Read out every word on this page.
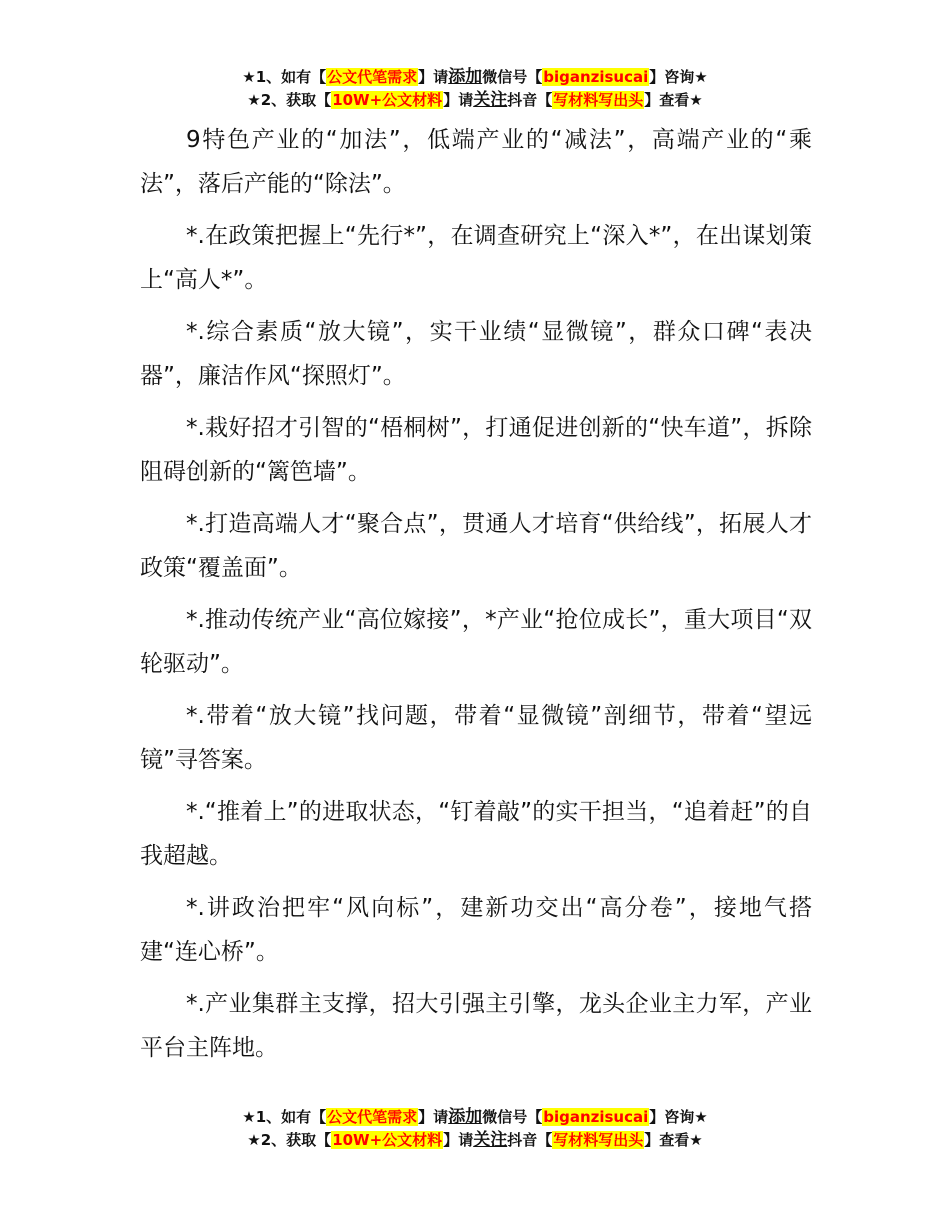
★1、如有【公文代笔需求】请添加微信号【biganzisucai】咨询★
★2、获取【10W+公文材料】请关注抖音【写材料写出头】查看★

9特色产业的“加法”，低端产业的“减法”，高端产业的“乘法”，落后产能的“除法”。

*.在政策把握上“先行*”，在调查研究上“深入*”，在出谋划策上“高人*”。

*.综合素质“放大镜”，实干业绩“显微镜”，群众口碑“表决器”，廉洁作风“探照灯”。

*.栽好招才引智的“梧桐树”，打通促进创新的“快车道”，拆除阻碍创新的“篱笆墙”。

*.打造高端人才“聚合点”，贯通人才培育“供给线”，拓展人才政策“覆盖面”。

*.推动传统产业“高位嫁接”，*产业“抢位成长”，重大项目“双轮驱动”。

*.带着“放大镜”找问题，带着“显微镜”剖细节，带着“望远镜”寻答案。

*.“推着上”的进取状态，“钉着敲”的实干担当，“追着赶”的自我超越。

*.讲政治把牢“风向标”，建新功交出“高分卷”，接地气搭建“连心桥”。

*.产业集群主支撑，招大引强主引擎，龙头企业主力军，产业平台主阵地。

★1、如有【公文代笔需求】请添加微信号【biganzisucai】咨询★
★2、获取【10W+公文材料】请关注抖音【写材料写出头】查看★
